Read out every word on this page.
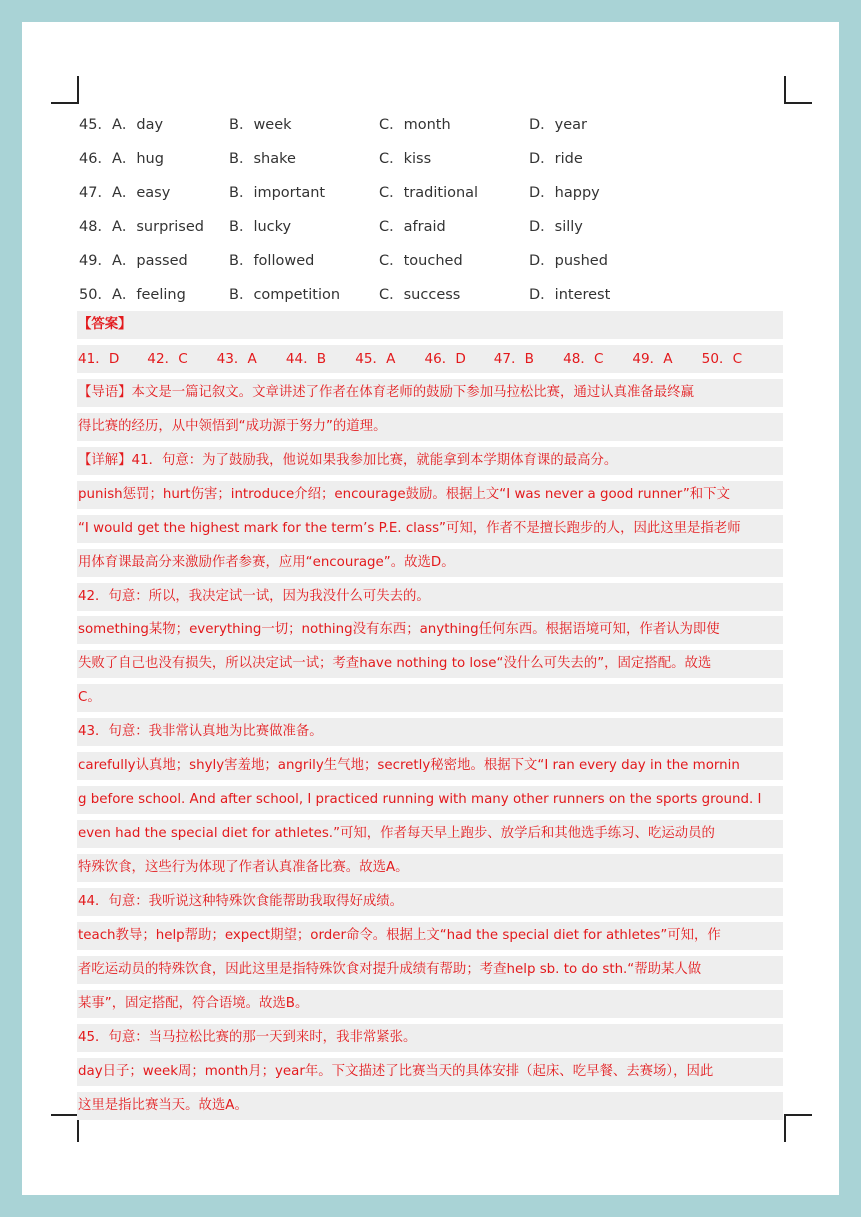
45．A．day	B．week	C．month	D．year
46．A．hug	B．shake	C．kiss	D．ride
47．A．easy	B．important	C．traditional	D．happy
48．A．surprised	B．lucky	C．afraid	D．silly
49．A．passed	B．followed	C．touched	D．pushed
50．A．feeling	B．competition	C．success	D．interest
【答案】
41．D 42．C 43．A 44．B 45．A 46．D 47．B 48．C 49．A 50．C
【导语】本文是一篇记叙文。文章讲述了作者在体育老师的鼓励下参加马拉松比赛，通过认真准备最终赢
得比赛的经历，从中领悟到“成功源于努力”的道理。
【详解】41．句意：为了鼓励我，他说如果我参加比赛，就能拿到本学期体育课的最高分。
punish惩罚；hurt伤害；introduce介绍；encourage鼓励。根据上文“I was never a good runner”和下文
“I would get the highest mark for the term’s P.E. class”可知，作者不是擅长跑步的人，因此这里是指老师
用体育课最高分来激励作者参赛，应用“encourage”。故选D。
42．句意：所以，我决定试一试，因为我没什么可失去的。
something某物；everything一切；nothing没有东西；anything任何东西。根据语境可知，作者认为即使
失败了自己也没有损失，所以决定试一试；考查have nothing to lose“没什么可失去的”，固定搭配。故选
C。
43．句意：我非常认真地为比赛做准备。
carefully认真地；shyly害羞地；angrily生气地；secretly秘密地。根据下文“I ran every day in the mornin
g before school. And after school, I practiced running with many other runners on the sports ground. I
even had the special diet for athletes.”可知，作者每天早上跑步、放学后和其他选手练习、吃运动员的
特殊饮食，这些行为体现了作者认真准备比赛。故选A。
44．句意：我听说这种特殊饮食能帮助我取得好成绩。
teach教导；help帮助；expect期望；order命令。根据上文“had the special diet for athletes”可知，作
者吃运动员的特殊饮食，因此这里是指特殊饮食对提升成绩有帮助；考查help sb. to do sth.“帮助某人做
某事”，固定搭配，符合语境。故选B。
45．句意：当马拉松比赛的那一天到来时，我非常紧张。
day日子；week周；month月；year年。下文描述了比赛当天的具体安排（起床、吃早餐、去赛场），因此
这里是指比赛当天。故选A。
